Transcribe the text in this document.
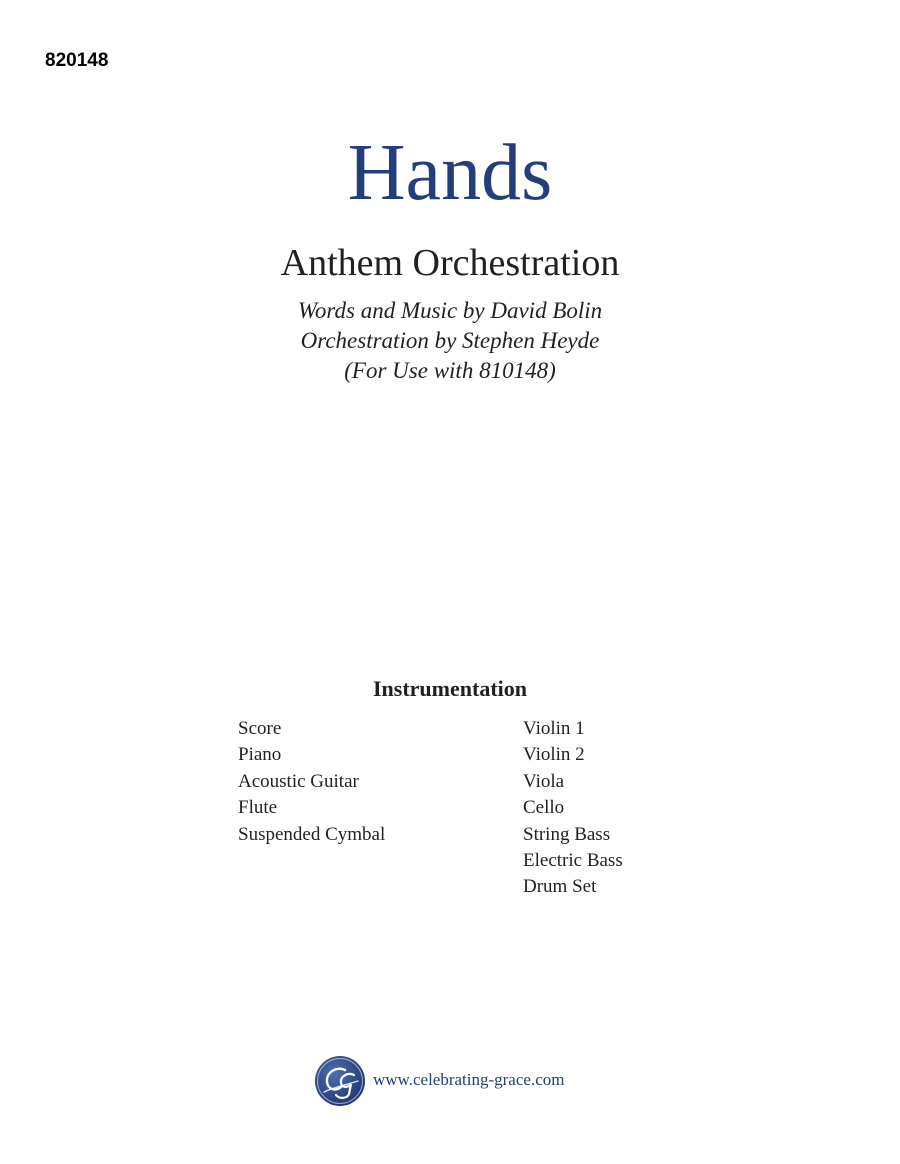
820148
Hands
Anthem Orchestration
Words and Music by David Bolin
Orchestration by Stephen Heyde
(For Use with 810148)
Instrumentation
Score
Piano
Acoustic Guitar
Flute
Suspended Cymbal
Violin 1
Violin 2
Viola
Cello
String Bass
Electric Bass
Drum Set
www.celebrating-grace.com
